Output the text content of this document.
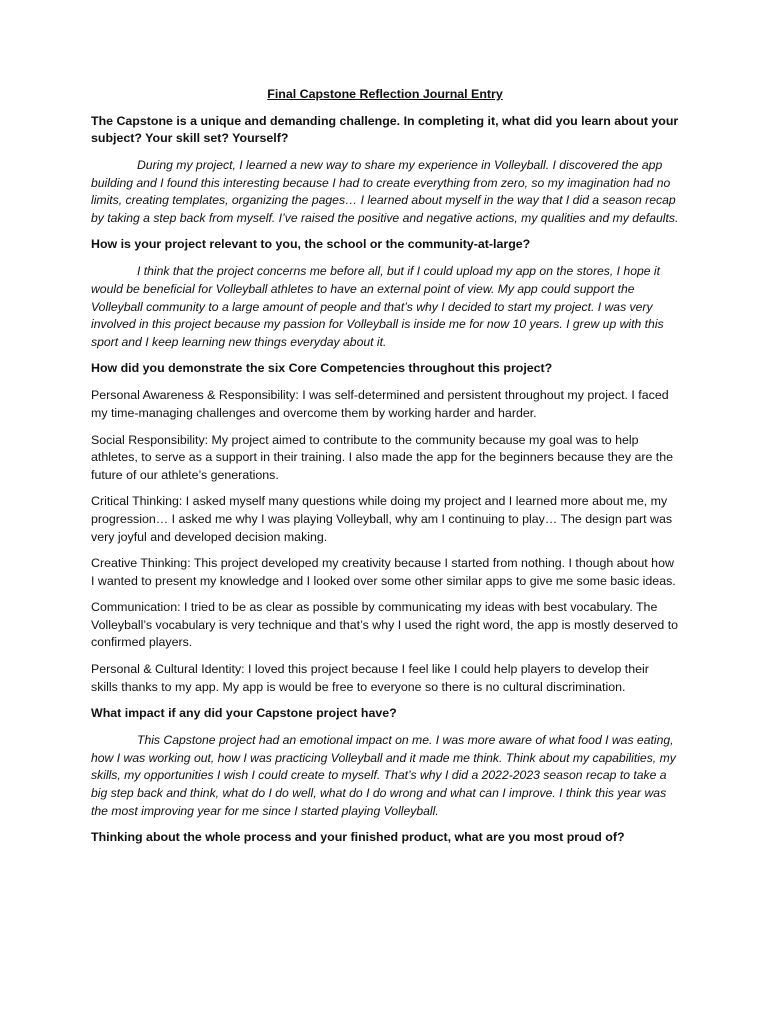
Final Capstone Reflection Journal Entry

The Capstone is a unique and demanding challenge. In completing it, what did you learn about your subject? Your skill set? Yourself?

During my project, I learned a new way to share my experience in Volleyball. I discovered the app building and I found this interesting because I had to create everything from zero, so my imagination had no limits, creating templates, organizing the pages… I learned about myself in the way that I did a season recap by taking a step back from myself. I’ve raised the positive and negative actions, my qualities and my defaults.

How is your project relevant to you, the school or the community-at-large?

I think that the project concerns me before all, but if I could upload my app on the stores, I hope it would be beneficial for Volleyball athletes to have an external point of view. My app could support the Volleyball community to a large amount of people and that’s why I decided to start my project. I was very involved in this project because my passion for Volleyball is inside me for now 10 years. I grew up with this sport and I keep learning new things everyday about it.

How did you demonstrate the six Core Competencies throughout this project?

Personal Awareness & Responsibility: I was self-determined and persistent throughout my project. I faced my time-managing challenges and overcome them by working harder and harder.

Social Responsibility: My project aimed to contribute to the community because my goal was to help athletes, to serve as a support in their training. I also made the app for the beginners because they are the future of our athlete’s generations.

Critical Thinking: I asked myself many questions while doing my project and I learned more about me, my progression… I asked me why I was playing Volleyball, why am I continuing to play… The design part was very joyful and developed decision making.

Creative Thinking: This project developed my creativity because I started from nothing. I though about how I wanted to present my knowledge and I looked over some other similar apps to give me some basic ideas.

Communication: I tried to be as clear as possible by communicating my ideas with best vocabulary. The Volleyball’s vocabulary is very technique and that’s why I used the right word, the app is mostly deserved to confirmed players.

Personal & Cultural Identity: I loved this project because I feel like I could help players to develop their skills thanks to my app. My app is would be free to everyone so there is no cultural discrimination.

What impact if any did your Capstone project have?

This Capstone project had an emotional impact on me. I was more aware of what food I was eating, how I was working out, how I was practicing Volleyball and it made me think. Think about my capabilities, my skills, my opportunities I wish I could create to myself. That’s why I did a 2022-2023 season recap to take a big step back and think, what do I do well, what do I do wrong and what can I improve. I think this year was the most improving year for me since I started playing Volleyball.

Thinking about the whole process and your finished product, what are you most proud of?
